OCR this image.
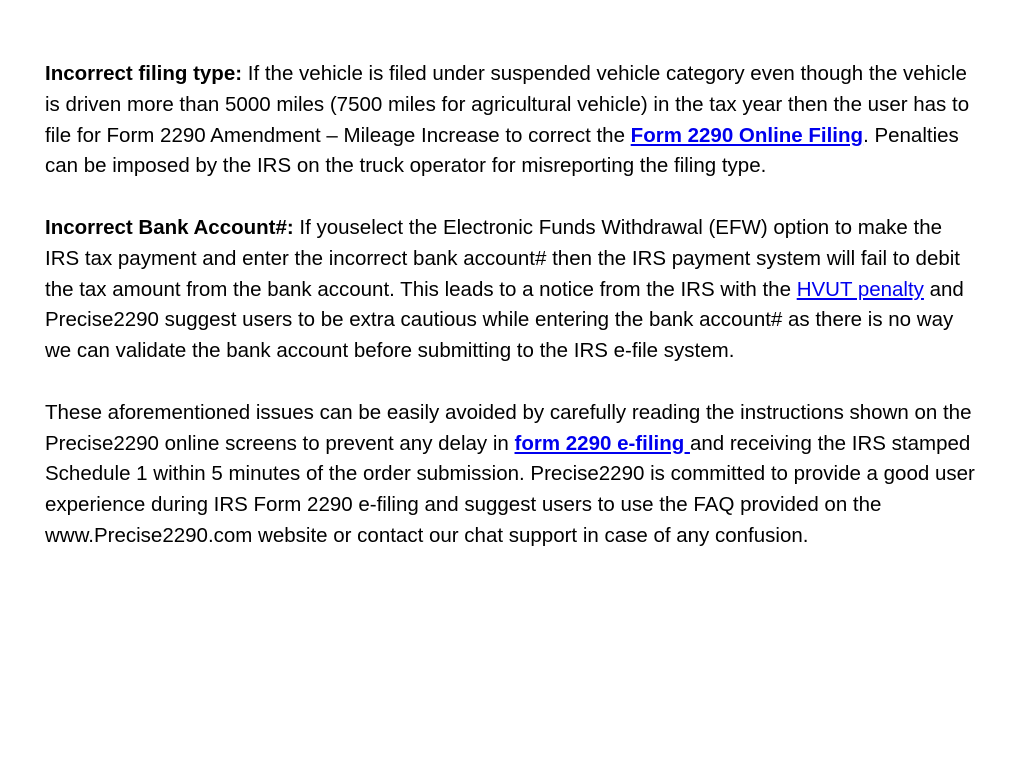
Incorrect filing type: If the vehicle is filed under suspended vehicle category even though the vehicle is driven more than 5000 miles (7500 miles for agricultural vehicle) in the tax year then the user has to file for Form 2290 Amendment – Mileage Increase to correct the Form 2290 Online Filing. Penalties can be imposed by the IRS on the truck operator for misreporting the filing type.

Incorrect Bank Account#: If youselect the Electronic Funds Withdrawal (EFW) option to make the IRS tax payment and enter the incorrect bank account# then the IRS payment system will fail to debit the tax amount from the bank account. This leads to a notice from the IRS with the HVUT penalty and Precise2290 suggest users to be extra cautious while entering the bank account# as there is no way we can validate the bank account before submitting to the IRS e-file system.

These aforementioned issues can be easily avoided by carefully reading the instructions shown on the Precise2290 online screens to prevent any delay in form 2290 e-filing and receiving the IRS stamped Schedule 1 within 5 minutes of the order submission. Precise2290 is committed to provide a good user experience during IRS Form 2290 e-filing and suggest users to use the FAQ provided on the www.Precise2290.com website or contact our chat support in case of any confusion.
